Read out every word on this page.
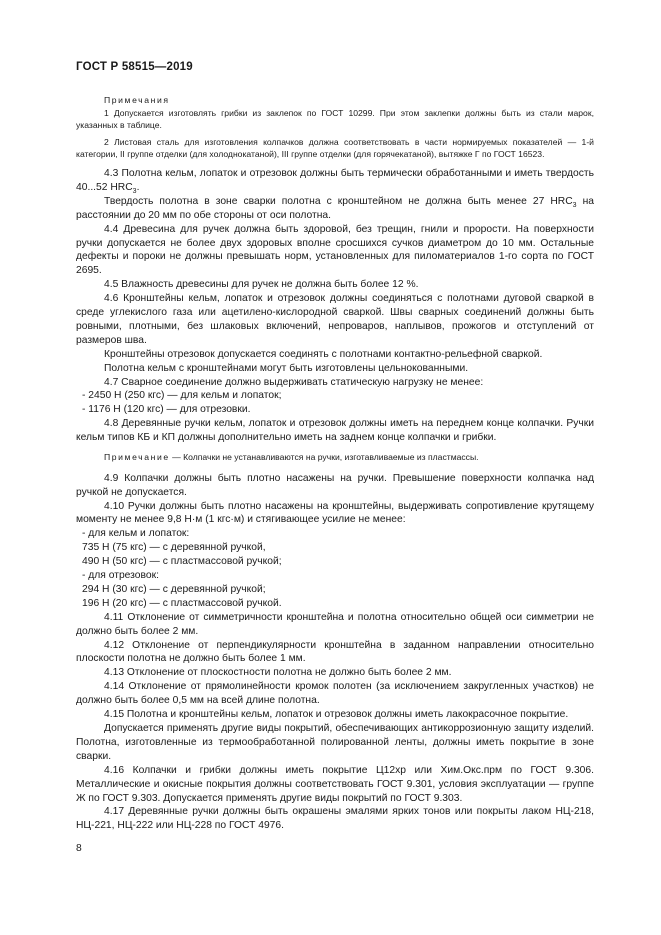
ГОСТ Р 58515—2019

Примечания

1 Допускается изготовлять грибки из заклепок по ГОСТ 10299. При этом заклепки должны быть из стали марок, указанных в таблице.

2 Листовая сталь для изготовления колпачков должна соответствовать в части нормируемых показателей — 1-й категории, II группе отделки (для холоднокатаной), III группе отделки (для горячекатаной), вытяжке Г по ГОСТ 16523.

4.3 Полотна кельм, лопаток и отрезовок должны быть термически обработанными и иметь твердость 40...52 $HRC_3$.

Твердость полотна в зоне сварки полотна с кронштейном не должна быть менее 27 $HRC_3$ на расстоянии до 20 мм по обе стороны от оси полотна.

4.4 Древесина для ручек должна быть здоровой, без трещин, гнили и прорости. На поверхности ручки допускается не более двух здоровых вполне сросшихся сучков диаметром до 10 мм. Остальные дефекты и пороки не должны превышать норм, установленных для пиломатериалов 1-го сорта по ГОСТ 2695.

4.5 Влажность древесины для ручек не должна быть более 12 %.

4.6 Кронштейны кельм, лопаток и отрезовок должны соединяться с полотнами дуговой сваркой в среде углекислого газа или ацетилено-кислородной сваркой. Швы сварных соединений должны быть ровными, плотными, без шлаковых включений, непроваров, наплывов, прожогов и отступлений от размеров шва.

Кронштейны отрезовок допускается соединять с полотнами контактно-рельефной сваркой.

Полотна кельм с кронштейнами могут быть изготовлены цельнокованными.

4.7 Сварное соединение должно выдерживать статическую нагрузку не менее:

- 2450 Н (250 кгс) — для кельм и лопаток;

- 1176 Н (120 кгс) — для отрезовки.

4.8 Деревянные ручки кельм, лопаток и отрезовок должны иметь на переднем конце колпачки. Ручки кельм типов КБ и КП должны дополнительно иметь на заднем конце колпачки и грибки.

Примечание — Колпачки не устанавливаются на ручки, изготавливаемые из пластмассы.

4.9 Колпачки должны быть плотно насажены на ручки. Превышение поверхности колпачка над ручкой не допускается.

4.10 Ручки должны быть плотно насажены на кронштейны, выдерживать сопротивление крутящему моменту не менее 9,8 Н·м (1 кгс·м) и стягивающее усилие не менее:

- для кельм и лопаток:

735 Н (75 кгс) — с деревянной ручкой,

490 Н (50 кгс) — с пластмассовой ручкой;

- для отрезовок:

294 Н (30 кгс) — с деревянной ручкой;

196 Н (20 кгс) — с пластмассовой ручкой.

4.11 Отклонение от симметричности кронштейна и полотна относительно общей оси симметрии не должно быть более 2 мм.

4.12 Отклонение от перпендикулярности кронштейна в заданном направлении относительно плоскости полотна не должно быть более 1 мм.

4.13 Отклонение от плоскостности полотна не должно быть более 2 мм.

4.14 Отклонение от прямолинейности кромок полотен (за исключением закругленных участков) не должно быть более 0,5 мм на всей длине полотна.

4.15 Полотна и кронштейны кельм, лопаток и отрезовок должны иметь лакокрасочное покрытие.

Допускается применять другие виды покрытий, обеспечивающих антикоррозионную защиту изделий. Полотна, изготовленные из термообработанной полированной ленты, должны иметь покрытие в зоне сварки.

4.16 Колпачки и грибки должны иметь покрытие Ц12хр или Хим.Окс.прм по ГОСТ 9.306. Металлические и окисные покрытия должны соответствовать ГОСТ 9.301, условия эксплуатации — группе Ж по ГОСТ 9.303. Допускается применять другие виды покрытий по ГОСТ 9.303.

4.17 Деревянные ручки должны быть окрашены эмалями ярких тонов или покрыты лаком НЦ-218, НЦ-221, НЦ-222 или НЦ-228 по ГОСТ 4976.

8
